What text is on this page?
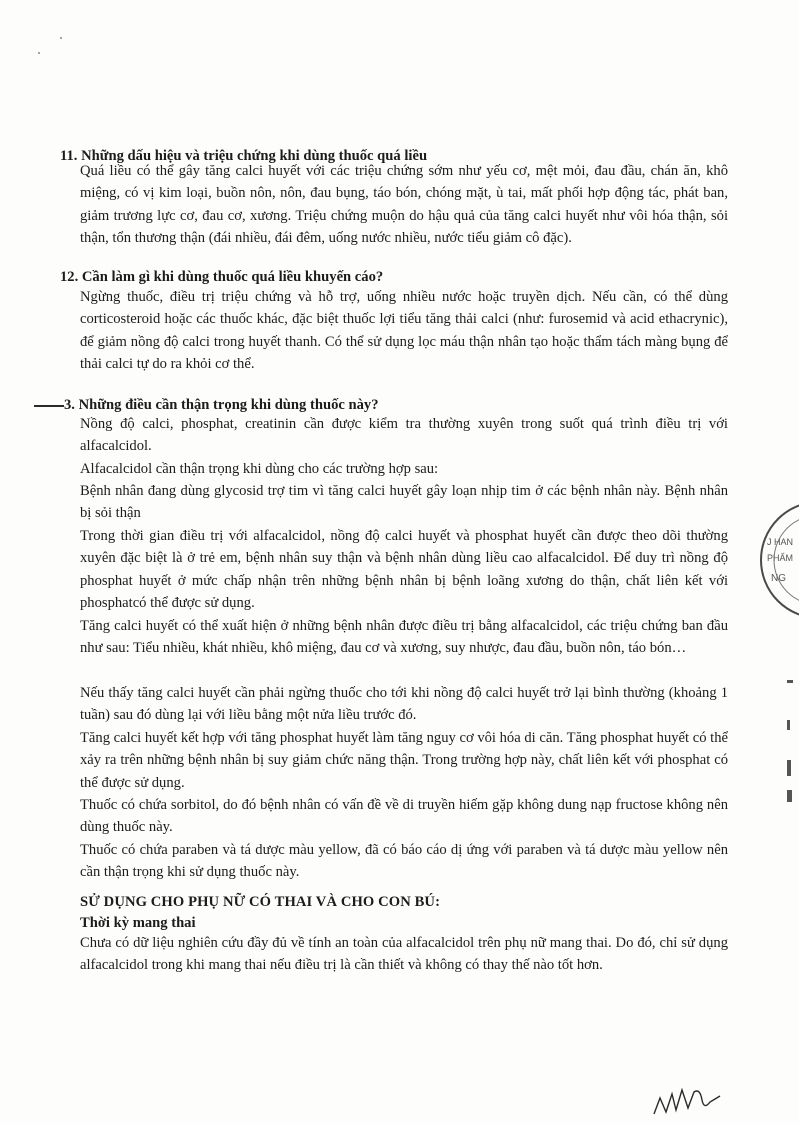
11. Những dấu hiệu và triệu chứng khi dùng thuốc quá liều
Quá liều có thể gây tăng calci huyết với các triệu chứng sớm như yếu cơ, mệt mỏi, đau đầu, chán ăn, khô miệng, có vị kim loại, buồn nôn, nôn, đau bụng, táo bón, chóng mặt, ù tai, mất phối hợp động tác, phát ban, giảm trương lực cơ, đau cơ, xương. Triệu chứng muộn do hậu quả của tăng calci huyết như vôi hóa thận, sỏi thận, tổn thương thận (đái nhiều, đái đêm, uống nước nhiều, nước tiểu giảm cô đặc).
12. Cần làm gì khi dùng thuốc quá liều khuyến cáo?
Ngừng thuốc, điều trị triệu chứng và hỗ trợ, uống nhiều nước hoặc truyền dịch. Nếu cần, có thể dùng corticosteroid hoặc các thuốc khác, đặc biệt thuốc lợi tiểu tăng thải calci (như: furosemid và acid ethacrynic), để giảm nồng độ calci trong huyết thanh. Có thể sử dụng lọc máu thận nhân tạo hoặc thẩm tách màng bụng để thải calci tự do ra khỏi cơ thể.
3. Những điều cần thận trọng khi dùng thuốc này?
Nồng độ calci, phosphat, creatinin cần được kiểm tra thường xuyên trong suốt quá trình điều trị với alfacalcidol.
Alfacalcidol cần thận trọng khi dùng cho các trường hợp sau:
Bệnh nhân đang dùng glycosid trợ tim vì tăng calci huyết gây loạn nhịp tim ở các bệnh nhân này. Bệnh nhân bị sỏi thận
Trong thời gian điều trị với alfacalcidol, nồng độ calci huyết và phosphat huyết cần được theo dõi thường xuyên đặc biệt là ở trẻ em, bệnh nhân suy thận và bệnh nhân dùng liều cao alfacalcidol. Để duy trì nồng độ phosphat huyết ở mức chấp nhận trên những bệnh nhân bị bệnh loãng xương do thận, chất liên kết với phosphatcó thể được sử dụng.
Tăng calci huyết có thể xuất hiện ở những bệnh nhân được điều trị bằng alfacalcidol, các triệu chứng ban đầu như sau: Tiểu nhiều, khát nhiều, khô miệng, đau cơ và xương, suy nhược, đau đầu, buồn nôn, táo bón…
Nếu thấy tăng calci huyết cần phải ngừng thuốc cho tới khi nồng độ calci huyết trở lại bình thường (khoảng 1 tuần) sau đó dùng lại với liều bằng một nửa liều trước đó.
Tăng calci huyết kết hợp với tăng phosphat huyết làm tăng nguy cơ vôi hóa di căn. Tăng phosphat huyết có thể xảy ra trên những bệnh nhân bị suy giảm chức năng thận. Trong trường hợp này, chất liên kết với phosphat có thể được sử dụng.
Thuốc có chứa sorbitol, do đó bệnh nhân có vấn đề về di truyền hiếm gặp không dung nạp fructose không nên dùng thuốc này.
Thuốc có chứa paraben và tá dược màu yellow, đã có báo cáo dị ứng với paraben và tá dược màu yellow nên cần thận trọng khi sử dụng thuốc này.
SỬ DỤNG CHO PHỤ NỮ CÓ THAI VÀ CHO CON BÚ:
Thời kỳ mang thai
Chưa có dữ liệu nghiên cứu đầy đủ về tính an toàn của alfacalcidol trên phụ nữ mang thai. Do đó, chỉ sử dụng alfacalcidol trong khi mang thai nếu điều trị là cần thiết và không có thay thế nào tốt hơn.
J HAN
PHẨM
NG
